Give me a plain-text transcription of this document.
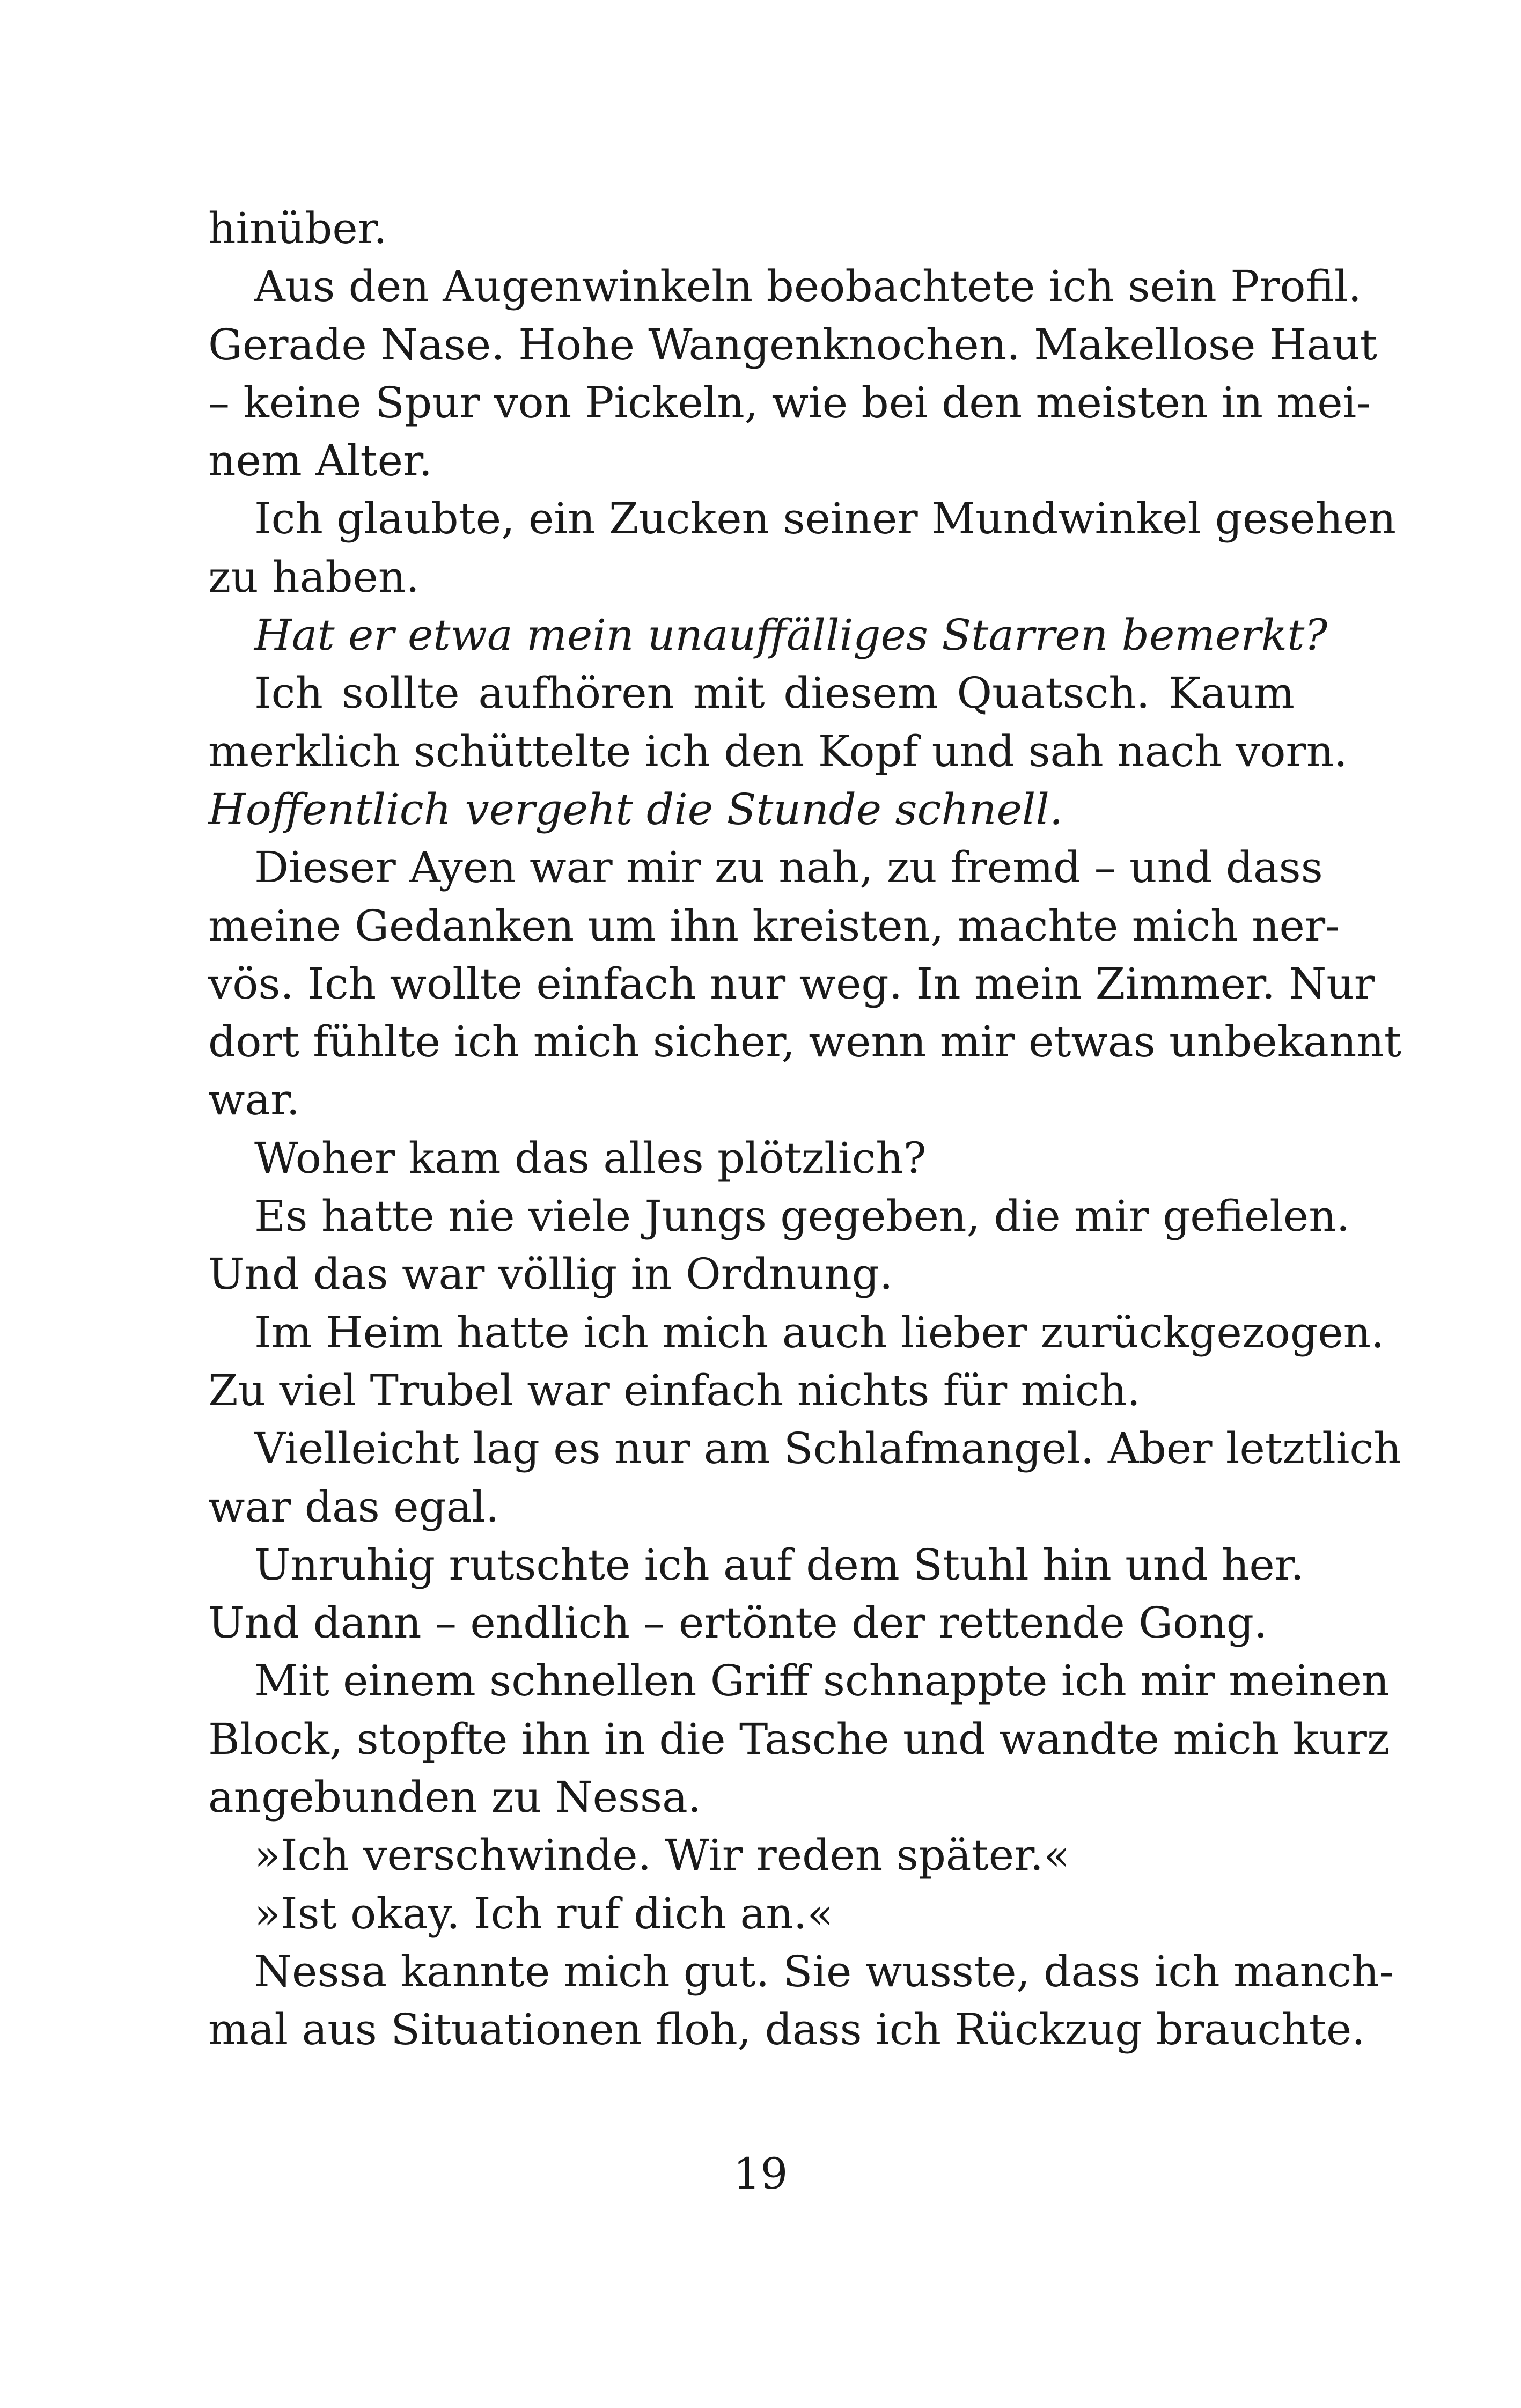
hinüber.
Aus den Augenwinkeln beobachtete ich sein Profil.
Gerade Nase. Hohe Wangenknochen. Makellose Haut
– keine Spur von Pickeln, wie bei den meisten in mei-
nem Alter.
Ich glaubte, ein Zucken seiner Mundwinkel gesehen
zu haben.
Hat er etwa mein unauffälliges Starren bemerkt?
Ich sollte aufhören mit diesem Quatsch. Kaum
merklich schüttelte ich den Kopf und sah nach vorn.
Hoffentlich vergeht die Stunde schnell.
Dieser Ayen war mir zu nah, zu fremd – und dass
meine Gedanken um ihn kreisten, machte mich ner-
vös. Ich wollte einfach nur weg. In mein Zimmer. Nur
dort fühlte ich mich sicher, wenn mir etwas unbekannt
war.
Woher kam das alles plötzlich?
Es hatte nie viele Jungs gegeben, die mir gefielen.
Und das war völlig in Ordnung.
Im Heim hatte ich mich auch lieber zurückgezogen.
Zu viel Trubel war einfach nichts für mich.
Vielleicht lag es nur am Schlafmangel. Aber letztlich
war das egal.
Unruhig rutschte ich auf dem Stuhl hin und her.
Und dann – endlich – ertönte der rettende Gong.
Mit einem schnellen Griff schnappte ich mir meinen
Block, stopfte ihn in die Tasche und wandte mich kurz
angebunden zu Nessa.
»Ich verschwinde. Wir reden später.«
»Ist okay. Ich ruf dich an.«
Nessa kannte mich gut. Sie wusste, dass ich manch-
mal aus Situationen floh, dass ich Rückzug brauchte.
19
